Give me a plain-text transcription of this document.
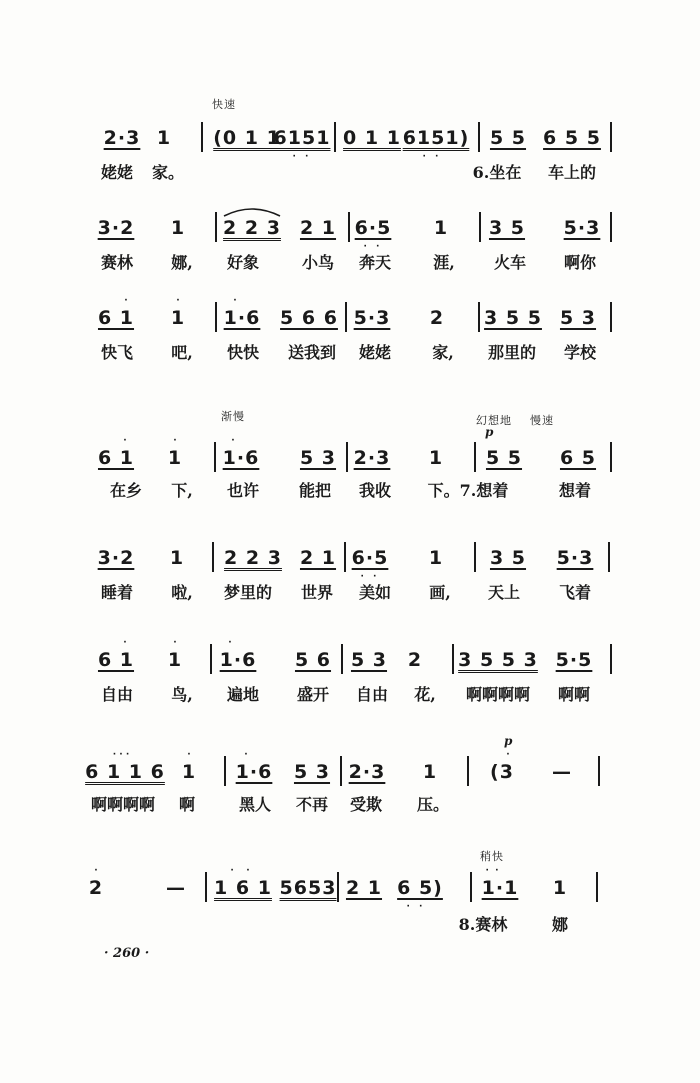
快速
2·3 1 (0 1 1
6151
· ·
0 1 1 6151)
· ·
5 5 6 5 5
姥姥 家。	6.坐在 车上的
3·2 1 2 2 3 2 1 6·5
· ·
1 3 5 5·3
赛林 娜, 好象	小鸟 奔天	涯, 火车 啊你
·
6 1
·
1
·
1·6 5 6 6 5·3 2 3 5 5 5 3
快飞 吧, 快快 送我到 姥姥	家, 那里的 学校
渐慢	幻想地 慢速
p
·
6 1
·
1
·
1·6 5 3 2·3 1 5 5 6 5
在乡 下, 也许 能把 我收 下。7.想着	想着
3·2 1 2 2 3 2 1 6·5
· ·
1 3 5 5·3
睡着 啦, 梦里的 世界 美如 画, 天上 飞着
·
6 1
·
1
·
1·6 5 6 5 3 2 3 5 5 3 5·5
自由 鸟, 遍地 盛开 自由 花, 啊啊啊啊 啊啊
p
· · ·
6 1 1 6
·
1
·
1·6 5 3 2·3 1
·
(3 —
啊啊啊啊 啊	黑人 不再 受欺 压。
稍快
·
2	—
·    ·
1 6 1 5653 2 1 6 5)
· ·
·  ·
1·1 1
8.赛林	娜
· 260 ·
